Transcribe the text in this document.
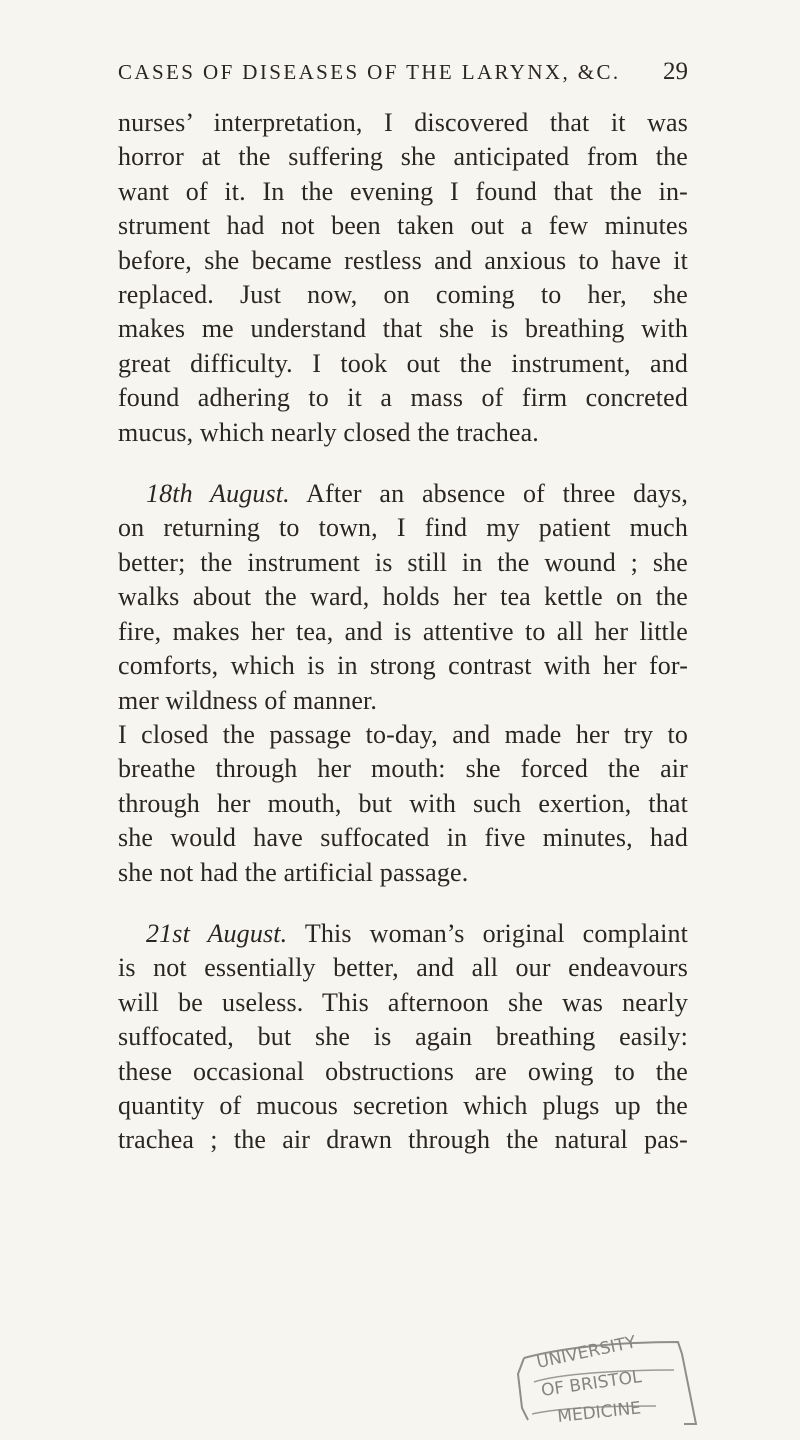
CASES OF DISEASES OF THE LARYNX, &C. 29
nurses’ interpretation, I discovered that it was
horror at the suffering she anticipated from the
want of it. In the evening I found that the in-
strument had not been taken out a few minutes
before, she became restless and anxious to have it
replaced. Just now, on coming to her, she
makes me understand that she is breathing with
great difficulty. I took out the instrument, and
found adhering to it a mass of firm concreted
mucus, which nearly closed the trachea.
18th August. After an absence of three days,
on returning to town, I find my patient much
better; the instrument is still in the wound ; she
walks about the ward, holds her tea kettle on the
fire, makes her tea, and is attentive to all her little
comforts, which is in strong contrast with her for-
mer wildness of manner.
I closed the passage to-day, and made her try to
breathe through her mouth: she forced the air
through her mouth, but with such exertion, that
she would have suffocated in five minutes, had
she not had the artificial passage.
21st August. This woman’s original complaint
is not essentially better, and all our endeavours
will be useless. This afternoon she was nearly
suffocated, but she is again breathing easily:
these occasional obstructions are owing to the
quantity of mucous secretion which plugs up the
trachea ; the air drawn through the natural pas-
UNIVERSITY
OF BRISTOL
MEDICINE
